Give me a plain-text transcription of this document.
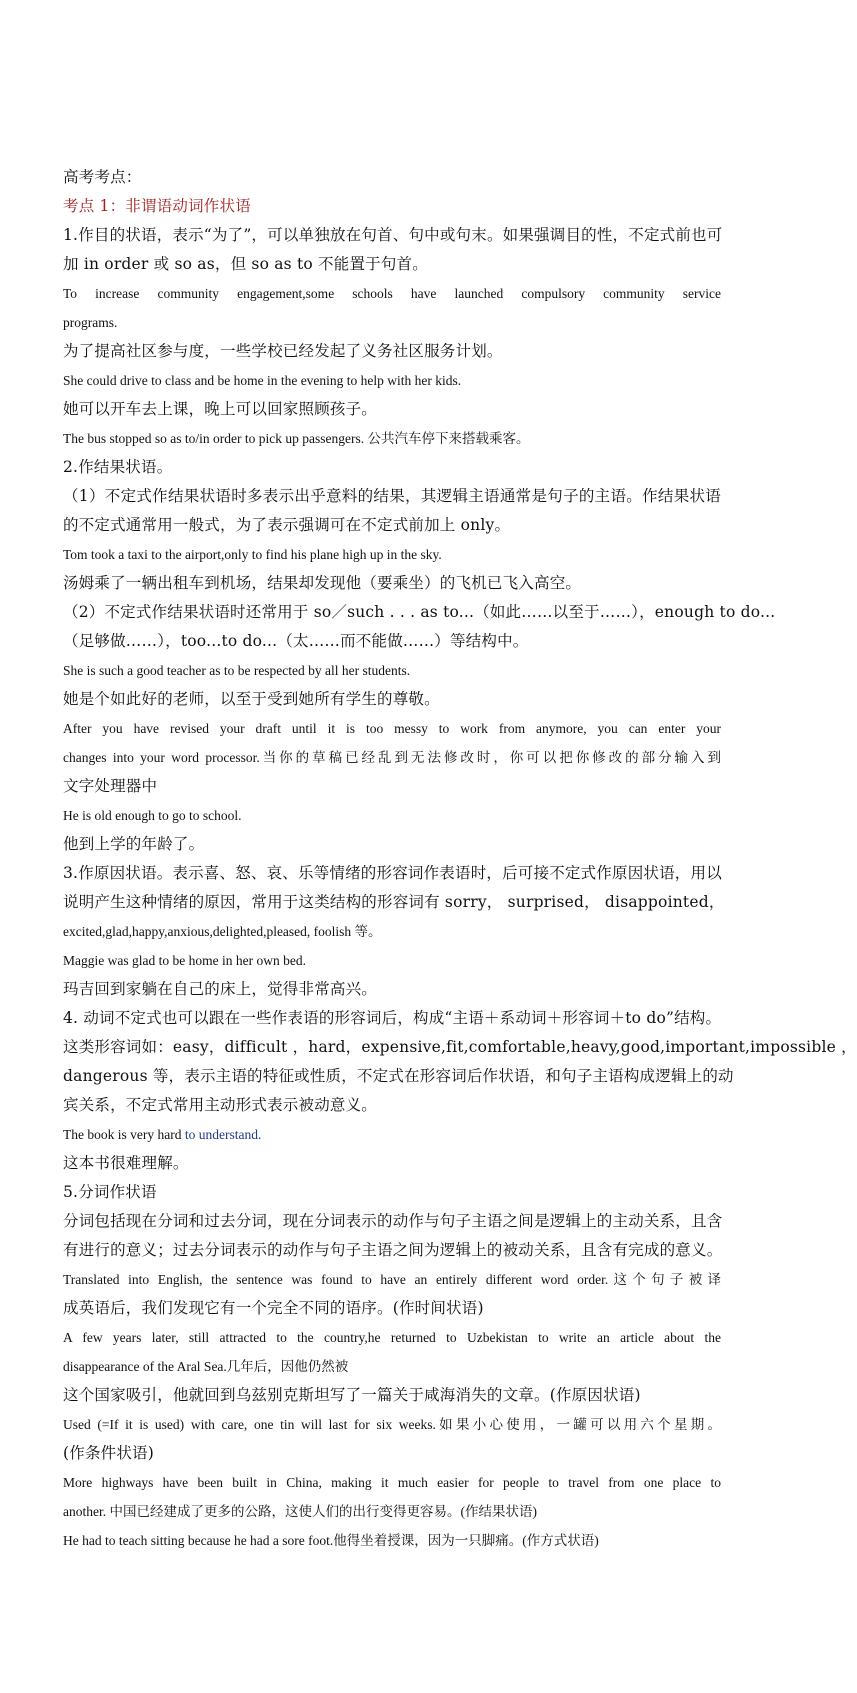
高考考点：

考点 1：非谓语动词作状语

1.作目的状语，表示“为了”，可以单独放在句首、句中或句末。如果强调目的性，不定式前也可

加 in order 或 so as，但 so as to 不能置于句首。

To increase community engagement,some schools have launched compulsory community service

programs.

为了提高社区参与度，一些学校已经发起了义务社区服务计划。

She could drive to class and be home in the evening to help with her kids.

她可以开车去上课，晚上可以回家照顾孩子。

The bus stopped so as to/in order to pick up passengers. 公共汽车停下来搭载乘客。

2.作结果状语。

（1）不定式作结果状语时多表示出乎意料的结果，其逻辑主语通常是句子的主语。作结果状语

的不定式通常用一般式，为了表示强调可在不定式前加上 only。

Tom took a taxi to the airport,only to find his plane high up in the sky.

汤姆乘了一辆出租车到机场，结果却发现他（要乘坐）的飞机已飞入高空。

（2）不定式作结果状语时还常用于 so／such . . . as to...（如此……以至于……），enough to do...

（足够做……），too...to do...（太……而不能做……）等结构中。

She is such a good teacher as to be respected by all her students.

她是个如此好的老师，以至于受到她所有学生的尊敬。

After you have revised your draft until it is too messy to work from anymore, you can enter your

changes into your word processor.当你的草稿已经乱到无法修改时，你可以把你修改的部分输入到

文字处理器中

He is old enough to go to school.

他到上学的年龄了。

3.作原因状语。表示喜、怒、哀、乐等情绪的形容词作表语时，后可接不定式作原因状语，用以

说明产生这种情绪的原因，常用于这类结构的形容词有 sorry， surprised， disappointed，

excited,glad,happy,anxious,delighted,pleased, foolish 等。

Maggie was glad to be home in her own bed.

玛吉回到家躺在自己的床上，觉得非常高兴。

4. 动词不定式也可以跟在一些作表语的形容词后，构成“主语＋系动词＋形容词＋to do”结构。

这类形容词如：easy，difficult ，hard，expensive,fit,comfortable,heavy,good,important,impossible ，

dangerous 等，表示主语的特征或性质，不定式在形容词后作状语，和句子主语构成逻辑上的动

宾关系，不定式常用主动形式表示被动意义。

The book is very hard to understand.

这本书很难理解。

5.分词作状语

分词包括现在分词和过去分词，现在分词表示的动作与句子主语之间是逻辑上的主动关系，且含

有进行的意义；过去分词表示的动作与句子主语之间为逻辑上的被动关系，且含有完成的意义。

Translated into English, the sentence was found to have an entirely different word order.这个句子被译

成英语后，我们发现它有一个完全不同的语序。(作时间状语)

A few years later, still attracted to the country,he returned to Uzbekistan to write an article about the

disappearance of the Aral Sea.几年后，因他仍然被

这个国家吸引，他就回到乌兹别克斯坦写了一篇关于咸海消失的文章。(作原因状语)

Used (=If it is used) with care, one tin will last for six weeks.如果小心使用，一罐可以用六个星期。

(作条件状语)

More highways have been built in China, making it much easier for people to travel from one place to

another. 中国已经建成了更多的公路，这使人们的出行变得更容易。(作结果状语)

He had to teach sitting because he had a sore foot.他得坐着授课，因为一只脚痛。(作方式状语)
